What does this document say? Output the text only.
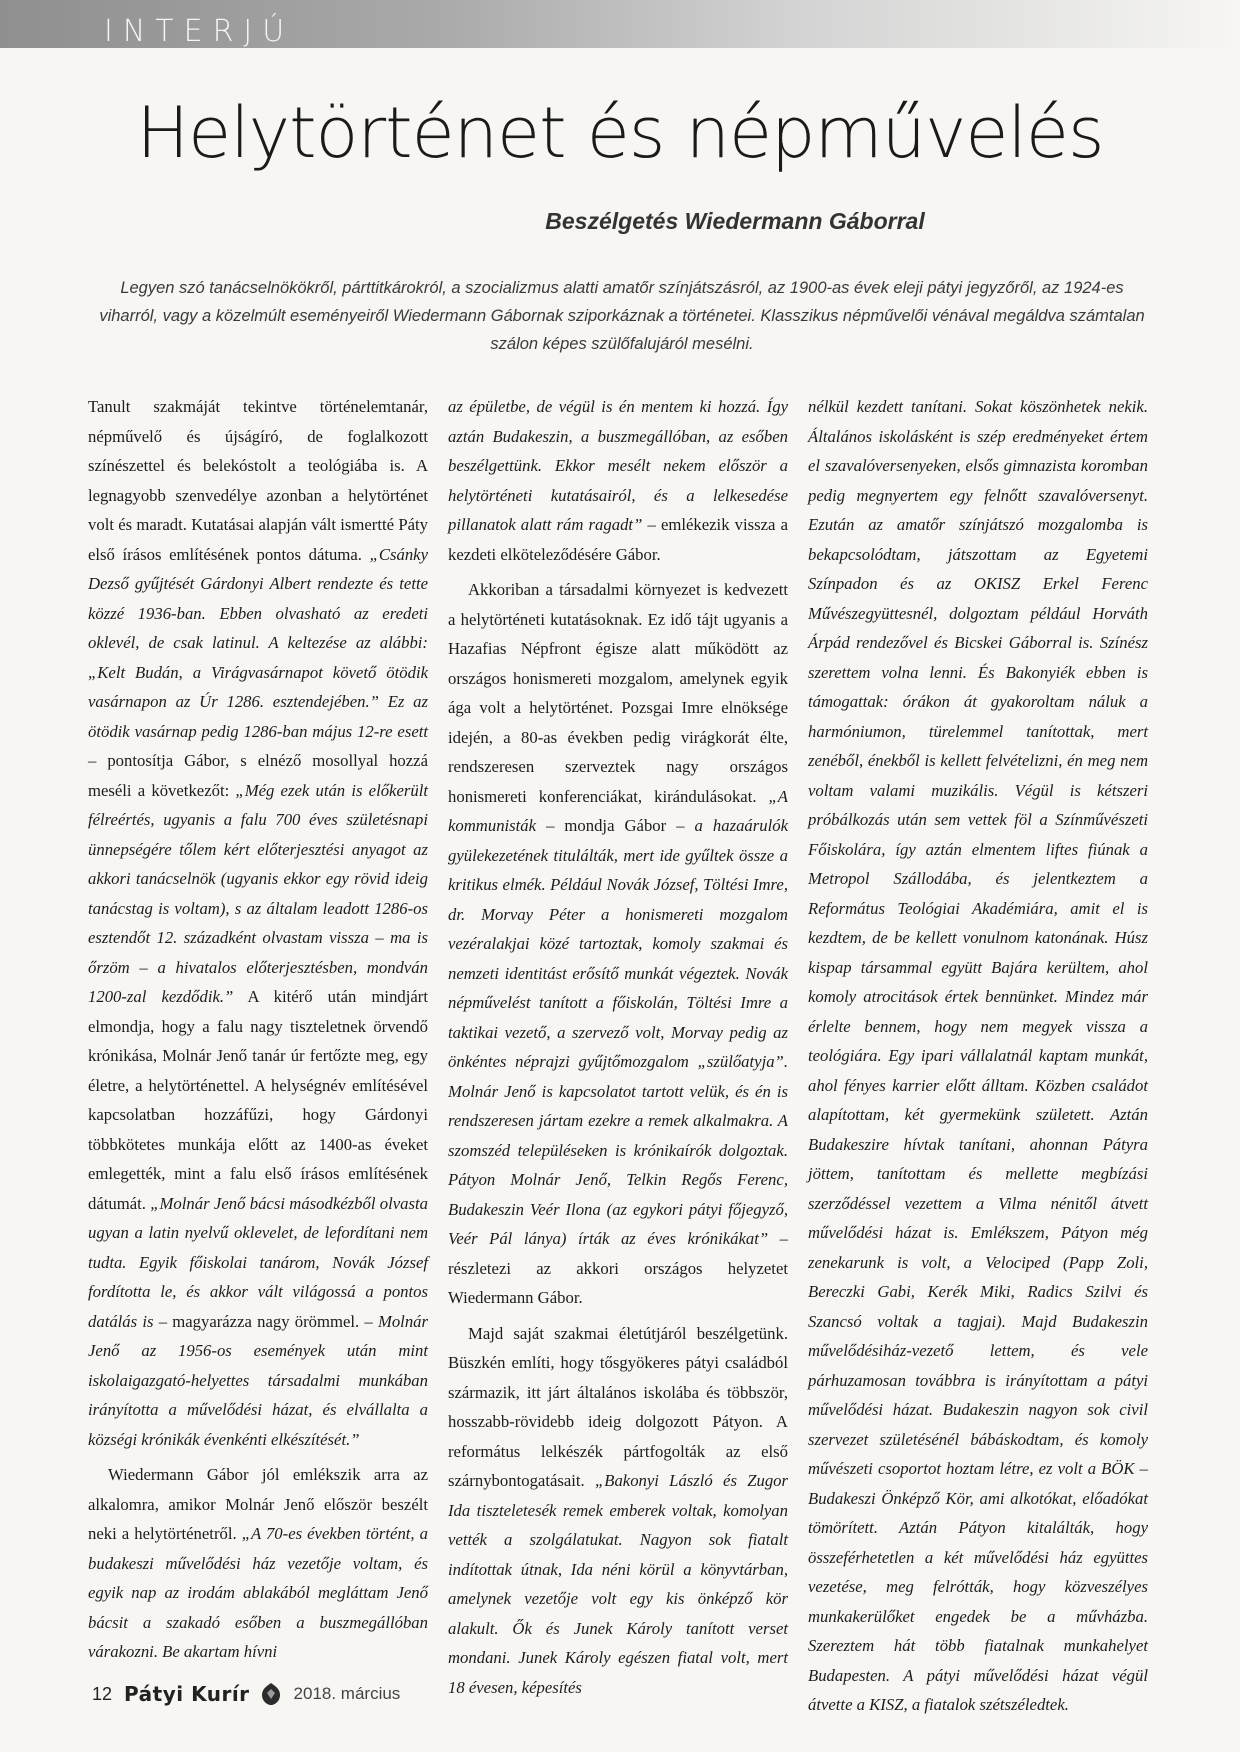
INTERJÚ
Helytörténet és népművelés
Beszélgetés Wiedermann Gáborral
Legyen szó tanácselnökökről, párttitkárokról, a szocializmus alatti amatőr színjátszásról, az 1900-as évek eleji pátyi jegyzőről, az 1924-es viharról, vagy a közelmúlt eseményeiről Wiedermann Gábornak sziporkáznak a történetei. Klasszikus népművelői vénával megáldva számtalan szálon képes szülőfalujáról mesélni.

Tanult szakmáját tekintve történelemtanár, népművelő és újságíró, de foglalkozott színészettel és belekóstolt a teológiába is. A legnagyobb szenvedélye azonban a helytörténet volt és maradt. Kutatásai alapján vált ismertté Páty első írásos említésének pontos dátuma. „Csánky Dezső gyűjtését Gárdonyi Albert rendezte és tette közzé 1936-ban. Ebben olvasható az eredeti oklevél, de csak latinul. A keltezése az alábbi: „Kelt Budán, a Virágvasárnapot követő ötödik vasárnapon az Úr 1286. esztendejében.” Ez az ötödik vasárnap pedig 1286-ban május 12-re esett – pontosítja Gábor, s elnéző mosollyal hozzá meséli a következőt: „Még ezek után is előkerült félreértés, ugyanis a falu 700 éves születésnapi ünnepségére tőlem kért előterjesztési anyagot az akkori tanácselnök (ugyanis ekkor egy rövid ideig tanácstag is voltam), s az általam leadott 1286-os esztendőt 12. századként olvastam vissza – ma is őrzöm – a hivatalos előterjesztésben, mondván 1200-zal kezdődik.” A kitérő után mindjárt elmondja, hogy a falu nagy tiszteletnek örvendő krónikása, Molnár Jenő tanár úr fertőzte meg, egy életre, a helytörténettel. A helységnév említésével kapcsolatban hozzáfűzi, hogy Gárdonyi többkötetes munkája előtt az 1400-as éveket emlegették, mint a falu első írásos említésének dátumát. „Molnár Jenő bácsi másodkézből olvasta ugyan a latin nyelvű oklevelet, de lefordítani nem tudta. Egyik főiskolai tanárom, Novák József fordította le, és akkor vált világossá a pontos datálás is – magyarázza nagy örömmel. – Molnár Jenő az 1956-os események után mint iskolaigazgató-helyettes társadalmi munkában irányította a művelődési házat, és elvállalta a községi krónikák évenkénti elkészítését.”

Wiedermann Gábor jól emlékszik arra az alkalomra, amikor Molnár Jenő először beszélt neki a helytörténetről. „A 70-es években történt, a budakeszi művelődési ház vezetője voltam, és egyik nap az irodám ablakából megláttam Jenő bácsit a szakadó esőben a buszmegállóban várakozni. Be akartam hívni

az épületbe, de végül is én mentem ki hozzá. Így aztán Budakeszin, a buszmegállóban, az esőben beszélgettünk. Ekkor mesélt nekem először a helytörténeti kutatásairól, és a lelkesedése pillanatok alatt rám ragadt” – emlékezik vissza a kezdeti elköteleződésére Gábor.

Akkoriban a társadalmi környezet is kedvezett a helytörténeti kutatásoknak. Ez idő tájt ugyanis a Hazafias Népfront égisze alatt működött az országos honismereti mozgalom, amelynek egyik ága volt a helytörténet. Pozsgai Imre elnöksége idején, a 80-as években pedig virágkorát élte, rendszeresen szerveztek nagy országos honismereti konferenciákat, kirándulásokat. „A kommunisták – mondja Gábor – a hazaárulók gyülekezetének titulálták, mert ide gyűltek össze a kritikus elmék. Például Novák József, Töltési Imre, dr. Morvay Péter a honismereti mozgalom vezéralakjai közé tartoztak, komoly szakmai és nemzeti identitást erősítő munkát végeztek. Novák népművelést tanított a főiskolán, Töltési Imre a taktikai vezető, a szervező volt, Morvay pedig az önkéntes néprajzi gyűjtőmozgalom „szülőatyja”. Molnár Jenő is kapcsolatot tartott velük, és én is rendszeresen jártam ezekre a remek alkalmakra. A szomszéd településeken is krónikaírók dolgoztak. Pátyon Molnár Jenő, Telkin Regős Ferenc, Budakeszin Veér Ilona (az egykori pátyi főjegyző, Veér Pál lánya) írták az éves krónikákat” – részletezi az akkori országos helyzetet Wiedermann Gábor.

Majd saját szakmai életútjáról beszélgetünk. Büszkén említi, hogy tősgyökeres pátyi családból származik, itt járt általános iskolába és többször, hosszabb-rövidebb ideig dolgozott Pátyon. A református lelkészék pártfogolták az első szárnybontogatásait. „Bakonyi László és Zugor Ida tiszteletesék remek emberek voltak, komolyan vették a szolgálatukat. Nagyon sok fiatalt indítottak útnak, Ida néni körül a könyvtárban, amelynek vezetője volt egy kis önképző kör alakult. Ők és Junek Károly tanított verset mondani. Junek Károly egészen fiatal volt, mert 18 évesen, képesítés

nélkül kezdett tanítani. Sokat köszönhetek nekik. Általános iskolásként is szép eredményeket értem el szavalóversenyeken, elsős gimnazista koromban pedig megnyertem egy felnőtt szavalóversenyt. Ezután az amatőr színjátszó mozgalomba is bekapcsolódtam, játszottam az Egyetemi Színpadon és az OKISZ Erkel Ferenc Művészegyüttesnél, dolgoztam például Horváth Árpád rendezővel és Bicskei Gáborral is. Színész szerettem volna lenni. És Bakonyiék ebben is támogattak: órákon át gyakoroltam náluk a harmóniumon, türelemmel tanítottak, mert zenéből, énekből is kellett felvételizni, én meg nem voltam valami muzikális. Végül is kétszeri próbálkozás után sem vettek föl a Színművészeti Főiskolára, így aztán elmentem liftes fiúnak a Metropol Szállodába, és jelentkeztem a Református Teológiai Akadémiára, amit el is kezdtem, de be kellett vonulnom katonának. Húsz kispap társammal együtt Bajára kerültem, ahol komoly atrocitások értek bennünket. Mindez már érlelte bennem, hogy nem megyek vissza a teológiára. Egy ipari vállalatnál kaptam munkát, ahol fényes karrier előtt álltam. Közben családot alapítottam, két gyermekünk született. Aztán Budakeszire hívtak tanítani, ahonnan Pátyra jöttem, tanítottam és mellette megbízási szerződéssel vezettem a Vilma nénitől átvett művelődési házat is. Emlékszem, Pátyon még zenekarunk is volt, a Velociped (Papp Zoli, Bereczki Gabi, Kerék Miki, Radics Szilvi és Szancsó voltak a tagjai). Majd Budakeszin művelődésiház-vezető lettem, és vele párhuzamosan továbbra is irányítottam a pátyi művelődési házat. Budakeszin nagyon sok civil szervezet születésénél bábáskodtam, és komoly művészeti csoportot hoztam létre, ez volt a BÖK – Budakeszi Önképző Kör, ami alkotókat, előadókat tömörített. Aztán Pátyon kitalálták, hogy összeférhetetlen a két művelődési ház együttes vezetése, meg felrótták, hogy közveszélyes munkakerülőket engedek be a művházba. Szereztem hát több fiatalnak munkahelyet Budapesten. A pátyi művelődési házat végül átvette a KISZ, a fiatalok szétszéledtek.

12 Pátyi Kurír	2018. március
